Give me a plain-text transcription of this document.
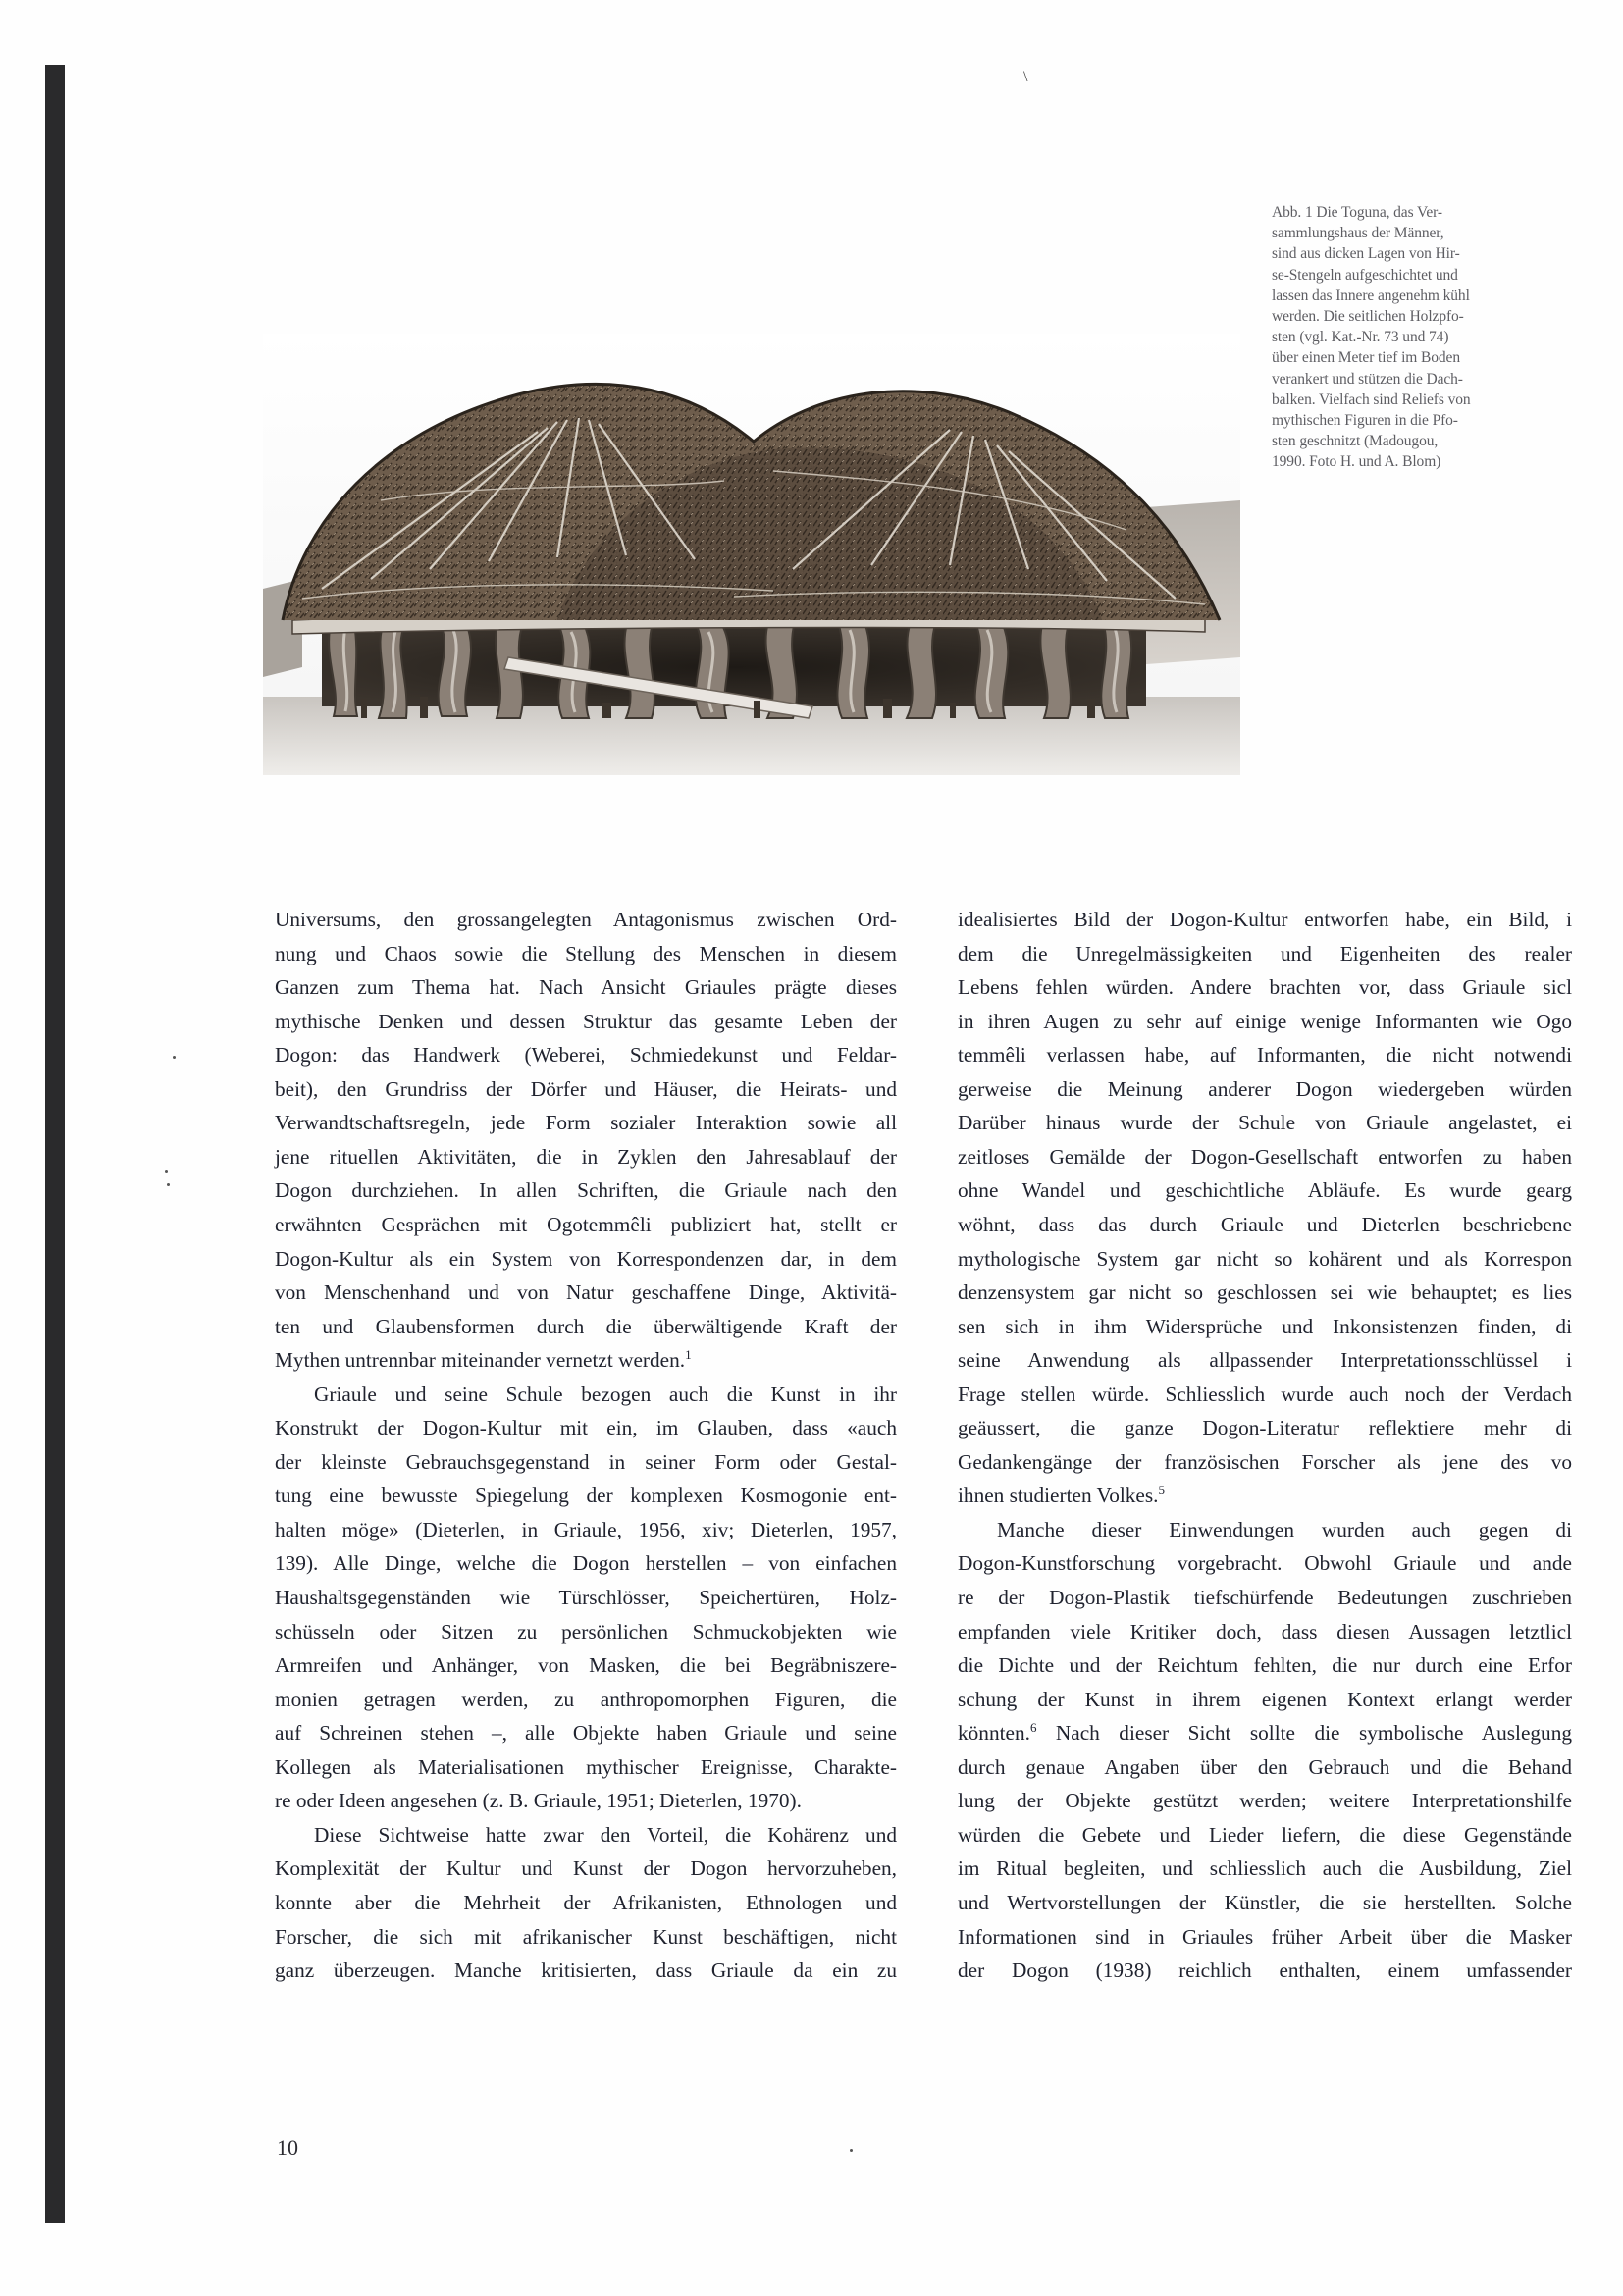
\
Abb. 1 Die Toguna, das Ver-
sammlungshaus der Männer,
sind aus dicken Lagen von Hir-
se-Stengeln aufgeschichtet und
lassen das Innere angenehm kühl
werden. Die seitlichen Holzpfo-
sten (vgl. Kat.-Nr. 73 und 74)
über einen Meter tief im Boden
verankert und stützen die Dach-
balken. Vielfach sind Reliefs von
mythischen Figuren in die Pfo-
sten geschnitzt (Madougou,
1990. Foto H. und A. Blom)
Universums, den grossangelegten Antagonismus zwischen Ord-
nung und Chaos sowie die Stellung des Menschen in diesem
Ganzen zum Thema hat. Nach Ansicht Griaules prägte dieses
mythische Denken und dessen Struktur das gesamte Leben der
Dogon: das Handwerk (Weberei, Schmiedekunst und Feldar-
beit), den Grundriss der Dörfer und Häuser, die Heirats- und
Verwandtschaftsregeln, jede Form sozialer Interaktion sowie all
jene rituellen Aktivitäten, die in Zyklen den Jahresablauf der
Dogon durchziehen. In allen Schriften, die Griaule nach den
erwähnten Gesprächen mit Ogotemmêli publiziert hat, stellt er
Dogon-Kultur als ein System von Korrespondenzen dar, in dem
von Menschenhand und von Natur geschaffene Dinge, Aktivitä-
ten und Glaubensformen durch die überwältigende Kraft der
Mythen untrennbar miteinander vernetzt werden.$^1$
Griaule und seine Schule bezogen auch die Kunst in ihr
Konstrukt der Dogon-Kultur mit ein, im Glauben, dass «auch
der kleinste Gebrauchsgegenstand in seiner Form oder Gestal-
tung eine bewusste Spiegelung der komplexen Kosmogonie ent-
halten möge» (Dieterlen, in Griaule, 1956, xiv; Dieterlen, 1957,
139). Alle Dinge, welche die Dogon herstellen – von einfachen
Haushaltsgegenständen wie Türschlösser, Speichertüren, Holz-
schüsseln oder Sitzen zu persönlichen Schmuckobjekten wie
Armreifen und Anhänger, von Masken, die bei Begräbniszere-
monien getragen werden, zu anthropomorphen Figuren, die
auf Schreinen stehen –, alle Objekte haben Griaule und seine
Kollegen als Materialisationen mythischer Ereignisse, Charakte-
re oder Ideen angesehen (z. B. Griaule, 1951; Dieterlen, 1970).
Diese Sichtweise hatte zwar den Vorteil, die Kohärenz und
Komplexität der Kultur und Kunst der Dogon hervorzuheben,
konnte aber die Mehrheit der Afrikanisten, Ethnologen und
Forscher, die sich mit afrikanischer Kunst beschäftigen, nicht
ganz überzeugen. Manche kritisierten, dass Griaule da ein zu
idealisiertes Bild der Dogon-Kultur entworfen habe, ein Bild, i
dem die Unregelmässigkeiten und Eigenheiten des realer
Lebens fehlen würden. Andere brachten vor, dass Griaule sicl
in ihren Augen zu sehr auf einige wenige Informanten wie Ogo
temmêli verlassen habe, auf Informanten, die nicht notwendi
gerweise die Meinung anderer Dogon wiedergeben würden
Darüber hinaus wurde der Schule von Griaule angelastet, ei
zeitloses Gemälde der Dogon-Gesellschaft entworfen zu haben
ohne Wandel und geschichtliche Abläufe. Es wurde gearg
wöhnt, dass das durch Griaule und Dieterlen beschriebene
mythologische System gar nicht so kohärent und als Korrespon
denzensystem gar nicht so geschlossen sei wie behauptet; es lies
sen sich in ihm Widersprüche und Inkonsistenzen finden, di
seine Anwendung als allpassender Interpretationsschlüssel i
Frage stellen würde. Schliesslich wurde auch noch der Verdach
geäussert, die ganze Dogon-Literatur reflektiere mehr di
Gedankengänge der französischen Forscher als jene des vo
ihnen studierten Volkes.$^5$
Manche dieser Einwendungen wurden auch gegen di
Dogon-Kunstforschung vorgebracht. Obwohl Griaule und ande
re der Dogon-Plastik tiefschürfende Bedeutungen zuschrieben
empfanden viele Kritiker doch, dass diesen Aussagen letztlicl
die Dichte und der Reichtum fehlten, die nur durch eine Erfor
schung der Kunst in ihrem eigenen Kontext erlangt werder
könnten.$^6$ Nach dieser Sicht sollte die symbolische Auslegung
durch genaue Angaben über den Gebrauch und die Behand
lung der Objekte gestützt werden; weitere Interpretationshilfe
würden die Gebete und Lieder liefern, die diese Gegenstände
im Ritual begleiten, und schliesslich auch die Ausbildung, Ziel
und Wertvorstellungen der Künstler, die sie herstellten. Solche
Informationen sind in Griaules früher Arbeit über die Masker
der Dogon (1938) reichlich enthalten, einem umfassender
10
